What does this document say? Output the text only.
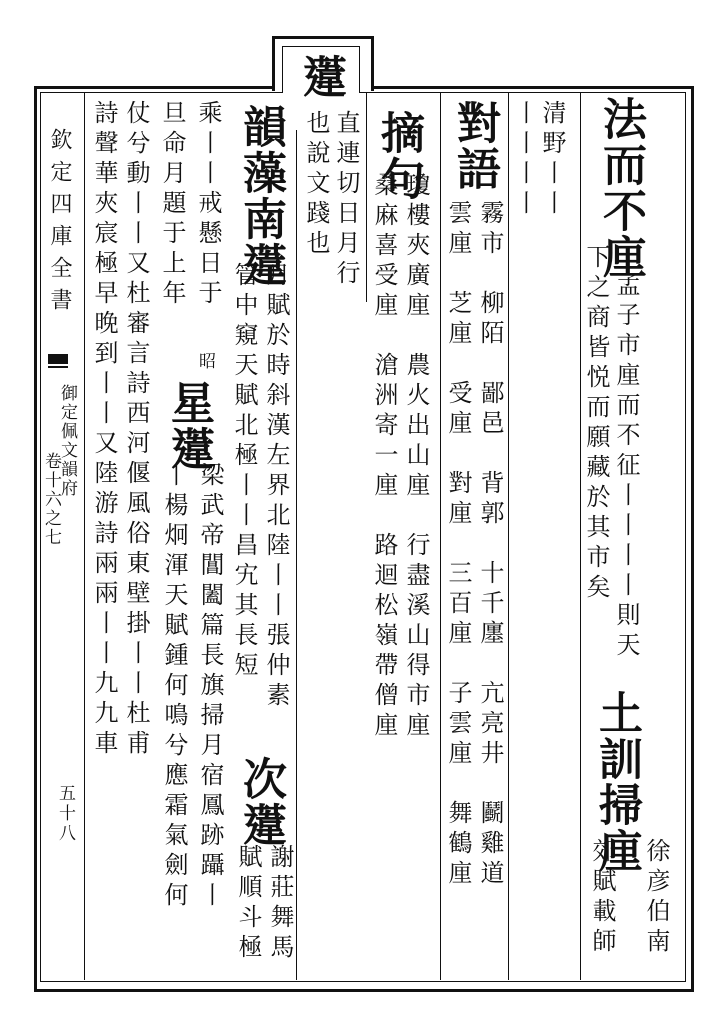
𨗨
欽定四庫全書
御定佩文韻府
卷十六之七
五十八
法而不㢆
孟子市㢆而不征丨丨丨丨則天
下之商皆悦而願藏於其市矣
土訓掃㢆
徐彦伯南
郊賦載師
清野丨丨
丨丨丨丨
對語
霧市　柳陌　鄙邑　背郭　十千廛　亢亮井　鬬雞道
雲㢆　芝㢆　受㢆　對㢆　三百㢆　子雲㢆　舞鶴㢆
摘句
瓊樓夾廣㢆　農火出山㢆　行盡溪山得市㢆
桑麻喜受㢆　滄洲寄一㢆　路迴松嶺帶僧㢆
直連切日月行
也說文踐也
韻藻南𨗨
月賦於時斜漢左界北陸丨丨張仲素
次𨗨
謝莊舞馬
管中窺天賦北極丨丨昌宄其長短
賦順斗極
乘丨丨戒懸日于
昭
星𨗨
梁武帝閶闔篇長旗掃月宿鳳跡躡丨
旦命月題于上年
丨楊炯渾天賦鍾何鳴兮應霜氣劍何
仗兮動丨丨又杜審言詩西河偃風俗東壁掛丨丨杜甫
詩聲華夾宸極早晚到丨丨又陸游詩兩兩丨丨九九車
